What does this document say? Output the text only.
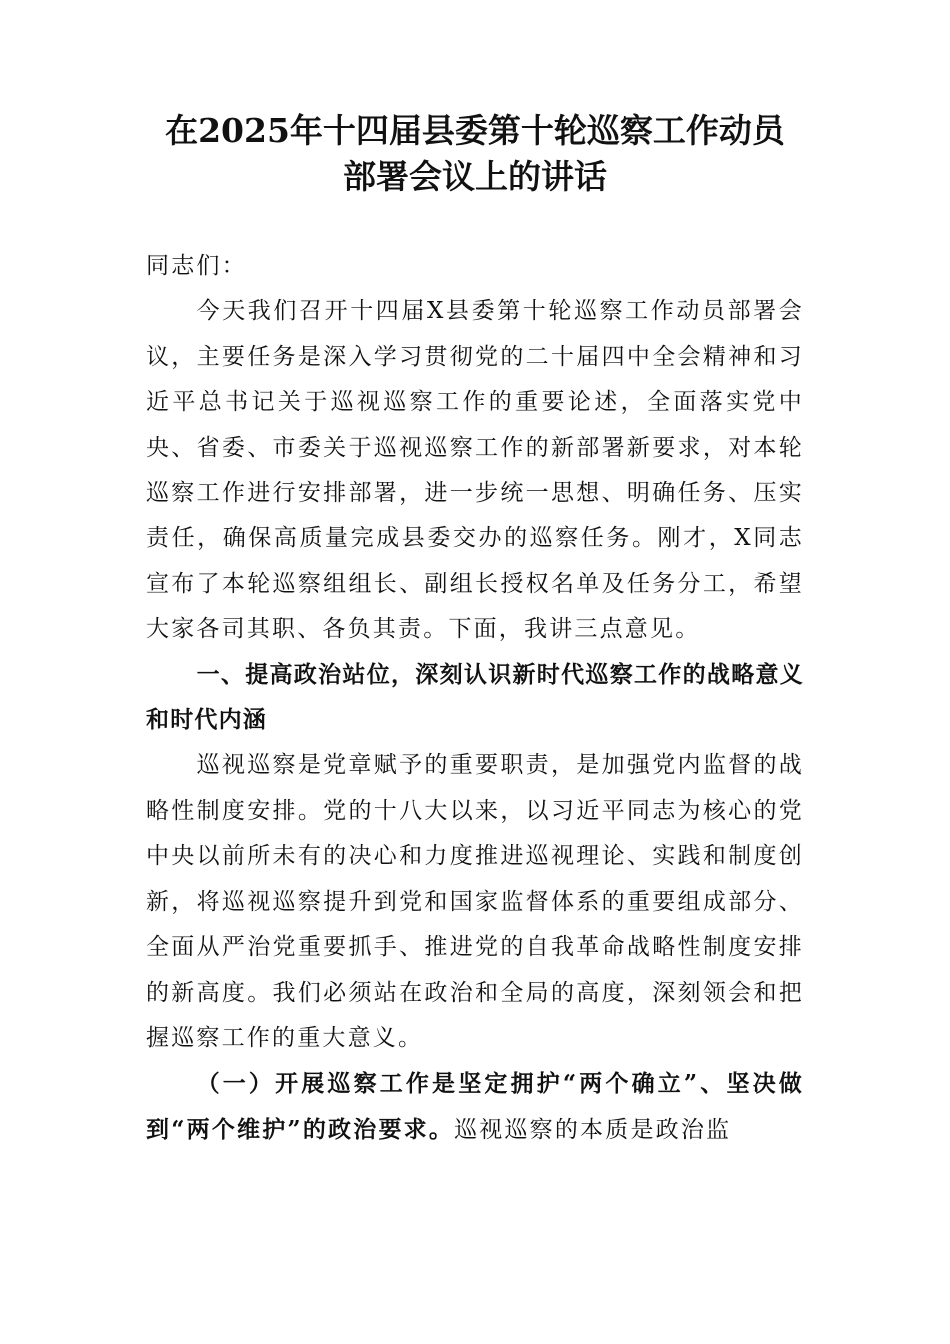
在2025年十四届县委第十轮巡察工作动员
部署会议上的讲话

同志们：

今天我们召开十四届X县委第十轮巡察工作动员部署会议，主要任务是深入学习贯彻党的二十届四中全会精神和习近平总书记关于巡视巡察工作的重要论述，全面落实党中央、省委、市委关于巡视巡察工作的新部署新要求，对本轮巡察工作进行安排部署，进一步统一思想、明确任务、压实责任，确保高质量完成县委交办的巡察任务。刚才，X同志宣布了本轮巡察组组长、副组长授权名单及任务分工，希望大家各司其职、各负其责。下面，我讲三点意见。

一、提高政治站位，深刻认识新时代巡察工作的战略意义和时代内涵

巡视巡察是党章赋予的重要职责，是加强党内监督的战略性制度安排。党的十八大以来，以习近平同志为核心的党中央以前所未有的决心和力度推进巡视理论、实践和制度创新，将巡视巡察提升到党和国家监督体系的重要组成部分、全面从严治党重要抓手、推进党的自我革命战略性制度安排的新高度。我们必须站在政治和全局的高度，深刻领会和把握巡察工作的重大意义。

（一）开展巡察工作是坚定拥护“两个确立”、坚决做到“两个维护”的政治要求。巡视巡察的本质是政治监
